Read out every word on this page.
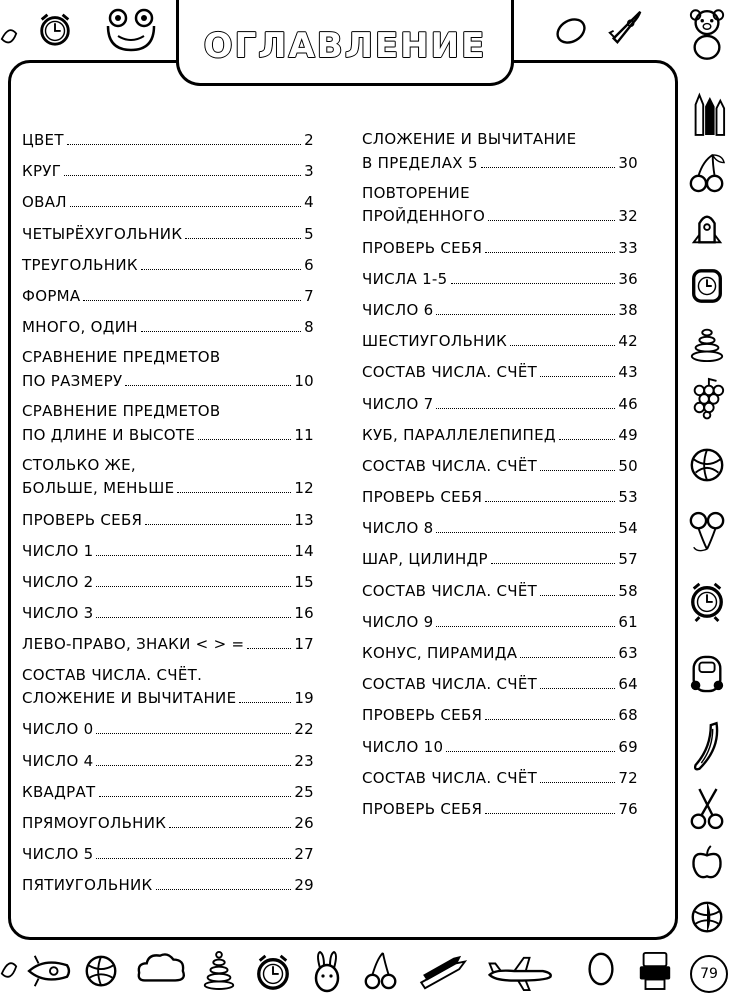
ОГЛАВЛЕНИЕ
ЦВЕТ	2
КРУГ	3
ОВАЛ	4
ЧЕТЫРЁХУГОЛЬНИК	5
ТРЕУГОЛЬНИК	6
ФОРМА	7
МНОГО, ОДИН	8
СРАВНЕНИЕ ПРЕДМЕТОВ
ПО РАЗМЕРУ	10
СРАВНЕНИЕ ПРЕДМЕТОВ
ПО ДЛИНЕ И ВЫСОТЕ	11
СТОЛЬКО ЖЕ,
БОЛЬШЕ, МЕНЬШЕ	12
ПРОВЕРЬ СЕБЯ	13
ЧИСЛО 1	14
ЧИСЛО 2	15
ЧИСЛО 3	16
ЛЕВО-ПРАВО, ЗНАКИ < > =	17
СОСТАВ ЧИСЛА. СЧЁТ.
СЛОЖЕНИЕ И ВЫЧИТАНИЕ	19
ЧИСЛО 0	22
ЧИСЛО 4	23
КВАДРАТ	25
ПРЯМОУГОЛЬНИК	26
ЧИСЛО 5	27
ПЯТИУГОЛЬНИК	29
СЛОЖЕНИЕ И ВЫЧИТАНИЕ
В ПРЕДЕЛАХ 5	30
ПОВТОРЕНИЕ
ПРОЙДЕННОГО	32
ПРОВЕРЬ СЕБЯ	33
ЧИСЛА 1-5	36
ЧИСЛО 6	38
ШЕСТИУГОЛЬНИК	42
СОСТАВ ЧИСЛА. СЧЁТ	43
ЧИСЛО 7	46
КУБ, ПАРАЛЛЕЛЕПИПЕД	49
СОСТАВ ЧИСЛА. СЧЁТ	50
ПРОВЕРЬ СЕБЯ	53
ЧИСЛО 8	54
ШАР, ЦИЛИНДР	57
СОСТАВ ЧИСЛА. СЧЁТ	58
ЧИСЛО 9	61
КОНУС, ПИРАМИДА	63
СОСТАВ ЧИСЛА. СЧЁТ	64
ПРОВЕРЬ СЕБЯ	68
ЧИСЛО 10	69
СОСТАВ ЧИСЛА. СЧЁТ	72
ПРОВЕРЬ СЕБЯ	76
79
